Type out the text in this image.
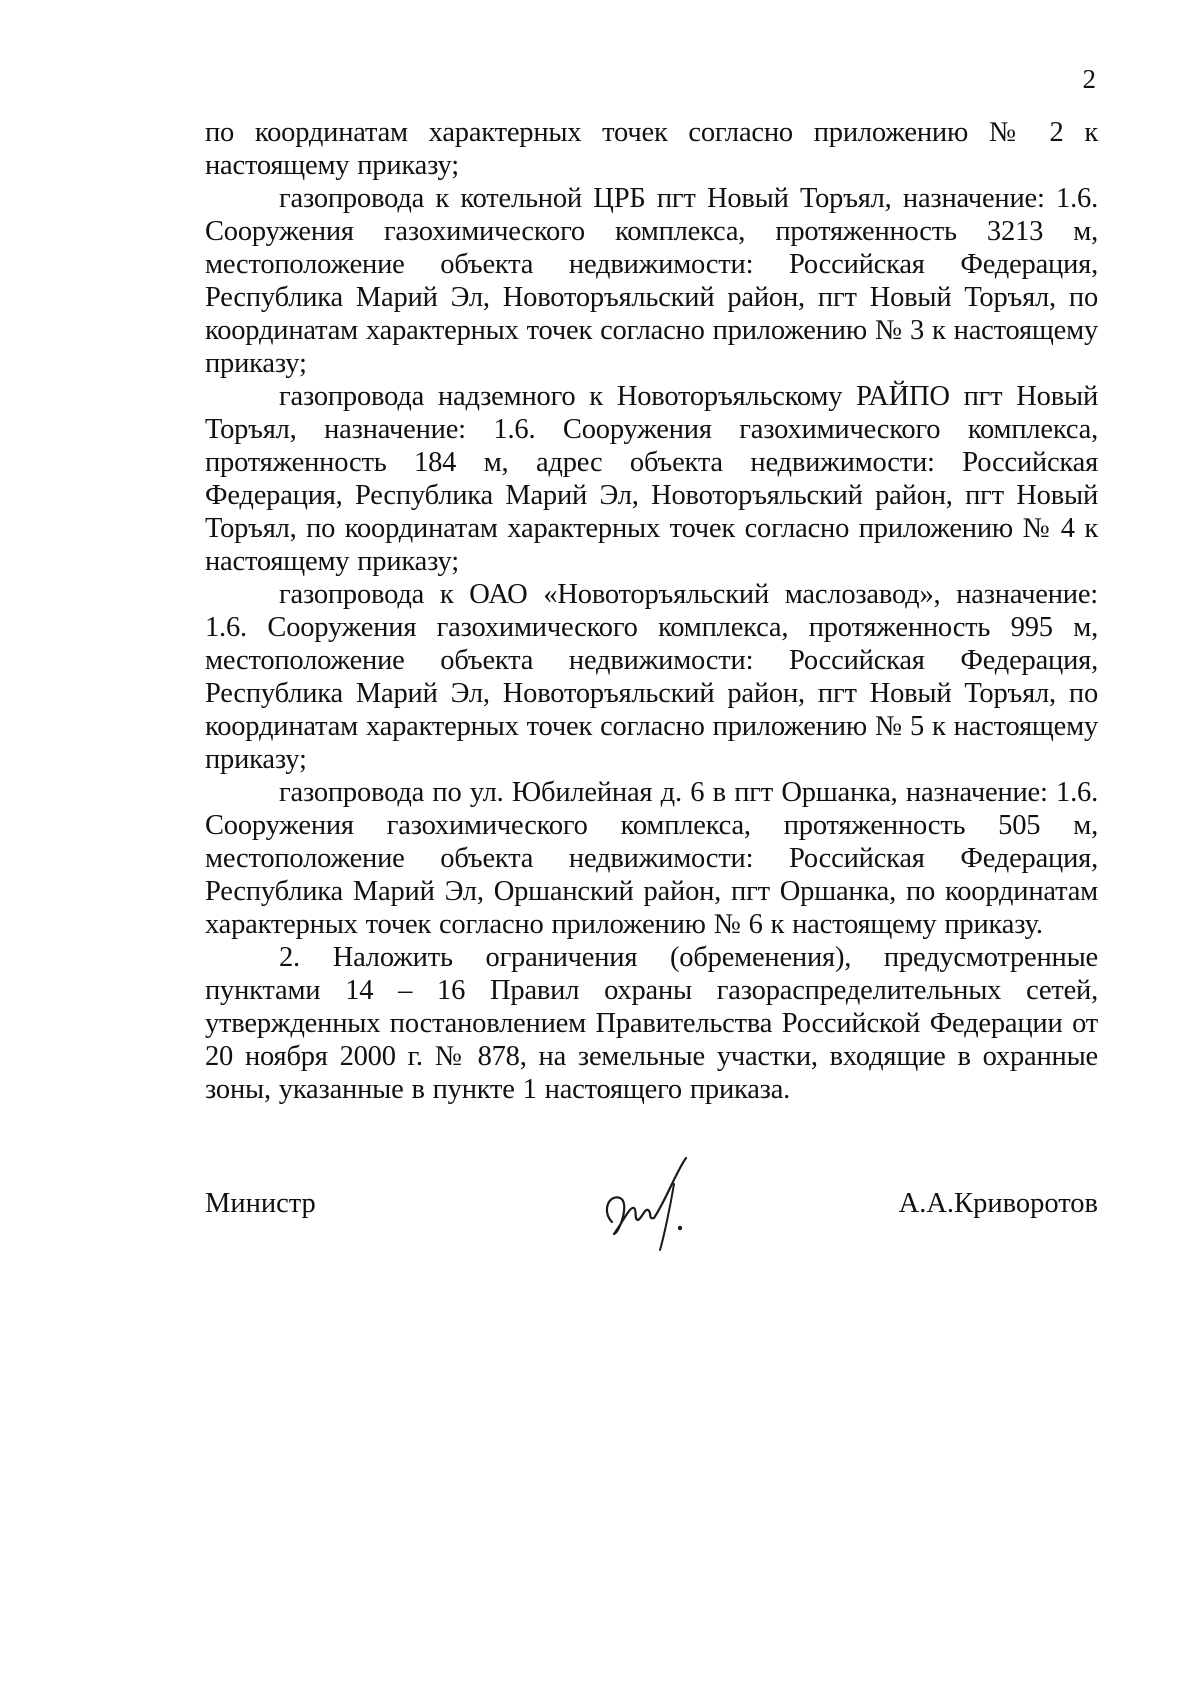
2

по координатам характерных точек согласно приложению № 2 к настоящему приказу;

газопровода к котельной ЦРБ пгт Новый Торъял, назначение: 1.6. Сооружения газохимического комплекса, протяженность 3213 м, местоположение объекта недвижимости: Российская Федерация, Республика Марий Эл, Новоторъяльский район, пгт Новый Торъял, по координатам характерных точек согласно приложению № 3 к настоящему приказу;

газопровода надземного к Новоторъяльскому РАЙПО пгт Новый Торъял, назначение: 1.6. Сооружения газохимического комплекса, протяженность 184 м, адрес объекта недвижимости: Российская Федерация, Республика Марий Эл, Новоторъяльский район, пгт Новый Торъял, по координатам характерных точек согласно приложению № 4 к настоящему приказу;

газопровода к ОАО «Новоторъяльский маслозавод», назначение: 1.6. Сооружения газохимического комплекса, протяженность 995 м, местоположение объекта недвижимости: Российская Федерация, Республика Марий Эл, Новоторъяльский район, пгт Новый Торъял, по координатам характерных точек согласно приложению № 5 к настоящему приказу;

газопровода по ул. Юбилейная д. 6 в пгт Оршанка, назначение: 1.6. Сооружения газохимического комплекса, протяженность 505 м, местоположение объекта недвижимости: Российская Федерация, Республика Марий Эл, Оршанский район, пгт Оршанка, по координатам характерных точек согласно приложению № 6 к настоящему приказу.

2. Наложить ограничения (обременения), предусмотренные пунктами 14 – 16 Правил охраны газораспределительных сетей, утвержденных постановлением Правительства Российской Федерации от 20 ноября 2000 г. № 878, на земельные участки, входящие в охранные зоны, указанные в пункте 1 настоящего приказа.

Министр	А.А.Криворотов
